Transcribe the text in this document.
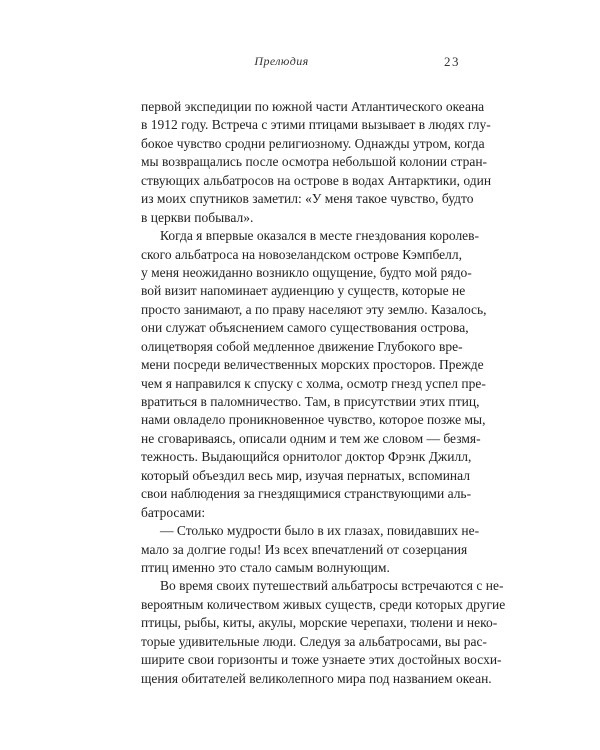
Прелюдия	23
первой экспедиции по южной части Атлантического океана
в 1912 году. Встреча с этими птицами вызывает в людях глу-
бокое чувство сродни религиозному. Однажды утром, когда
мы возвращались после осмотра небольшой колонии стран-
ствующих альбатросов на острове в водах Антарктики, один
из моих спутников заметил: «У меня такое чувство, будто
в церкви побывал».
Когда я впервые оказался в месте гнездования королев-
ского альбатроса на новозеландском острове Кэмпбелл,
у меня неожиданно возникло ощущение, будто мой рядо-
вой визит напоминает аудиенцию у существ, которые не
просто занимают, а по праву населяют эту землю. Казалось,
они служат объяснением самого существования острова,
олицетворяя собой медленное движение Глубокого вре-
мени посреди величественных морских просторов. Прежде
чем я направился к спуску с холма, осмотр гнезд успел пре-
вратиться в паломничество. Там, в присутствии этих птиц,
нами овладело проникновенное чувство, которое позже мы,
не сговариваясь, описали одним и тем же словом — безмя-
тежность. Выдающийся орнитолог доктор Фрэнк Джилл,
который объездил весь мир, изучая пернатых, вспоминал
свои наблюдения за гнездящимися странствующими аль-
батросами:
— Столько мудрости было в их глазах, повидавших не-
мало за долгие годы! Из всех впечатлений от созерцания
птиц именно это стало самым волнующим.
Во время своих путешествий альбатросы встречаются с не-
вероятным количеством живых существ, среди которых другие
птицы, рыбы, киты, акулы, морские черепахи, тюлени и неко-
торые удивительные люди. Следуя за альбатросами, вы рас-
ширите свои горизонты и тоже узнаете этих достойных восхи-
щения обитателей великолепного мира под названием океан.
